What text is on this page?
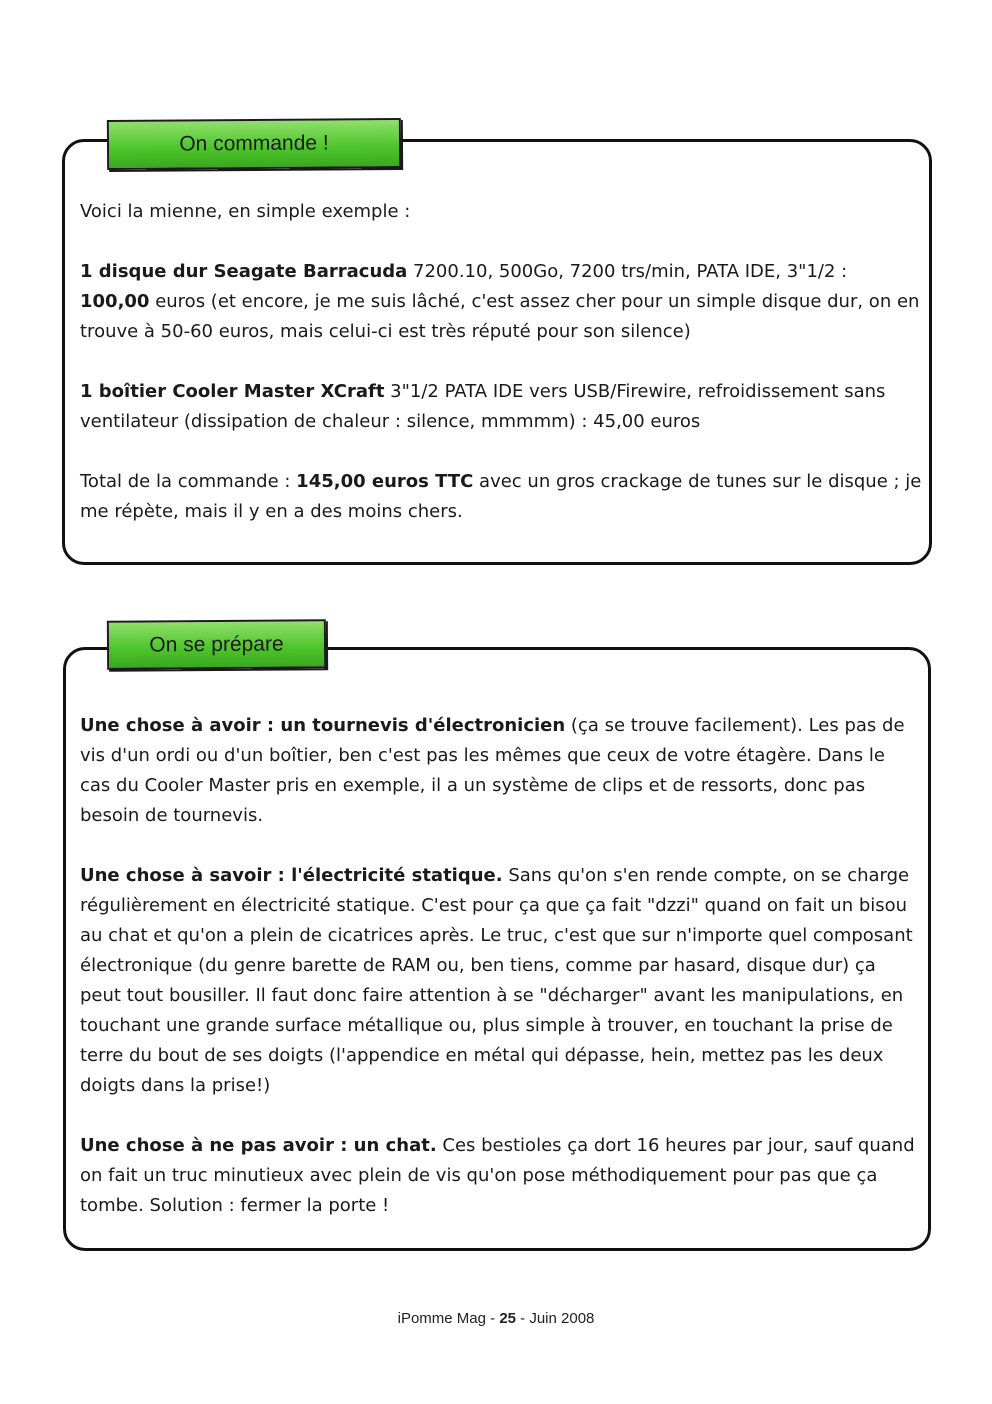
On commande !

Voici la mienne, en simple exemple :

1 disque dur Seagate Barracuda 7200.10, 500Go, 7200 trs/min, PATA IDE, 3"1/2 : 100,00 euros (et encore, je me suis lâché, c'est assez cher pour un simple disque dur, on en trouve à 50-60 euros, mais celui-ci est très réputé pour son silence)

1 boîtier Cooler Master XCraft 3"1/2 PATA IDE vers USB/Firewire, refroidissement sans ventilateur (dissipation de chaleur : silence, mmmmm) : 45,00 euros

Total de la commande : 145,00 euros TTC avec un gros crackage de tunes sur le disque ; je me répète, mais il y en a des moins chers.

On se prépare

Une chose à avoir : un tournevis d'électronicien (ça se trouve facilement). Les pas de vis d'un ordi ou d'un boîtier, ben c'est pas les mêmes que ceux de votre étagère. Dans le cas du Cooler Master pris en exemple, il a un système de clips et de ressorts, donc pas besoin de tournevis.

Une chose à savoir : l'électricité statique. Sans qu'on s'en rende compte, on se charge régulièrement en électricité statique. C'est pour ça que ça fait "dzzi" quand on fait un bisou au chat et qu'on a plein de cicatrices après. Le truc, c'est que sur n'importe quel composant électronique (du genre barette de RAM ou, ben tiens, comme par hasard, disque dur) ça peut tout bousiller. Il faut donc faire attention à se "décharger" avant les manipulations, en touchant une grande surface métallique ou, plus simple à trouver, en touchant la prise de terre du bout de ses doigts (l'appendice en métal qui dépasse, hein, mettez pas les deux doigts dans la prise!)

Une chose à ne pas avoir : un chat. Ces bestioles ça dort 16 heures par jour, sauf quand on fait un truc minutieux avec plein de vis qu'on pose méthodiquement pour pas que ça tombe. Solution : fermer la porte !

iPomme Mag - 25 - Juin 2008
